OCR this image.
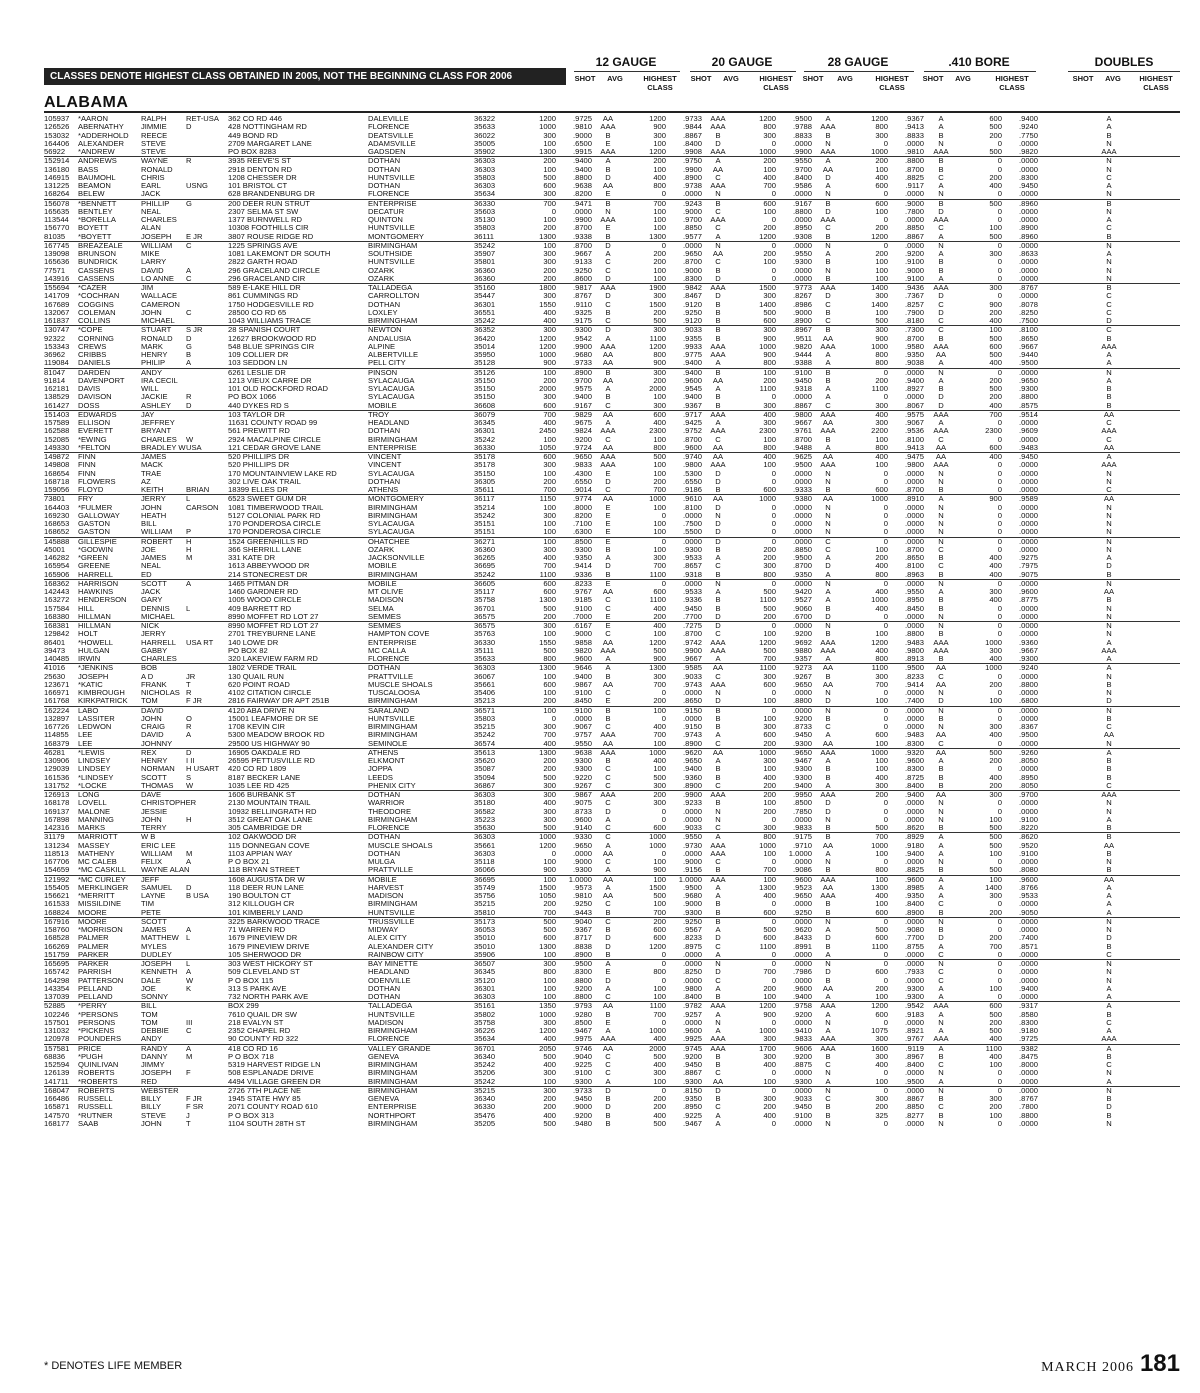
CLASSES DENOTE HIGHEST CLASS OBTAINED IN 2005, NOT THE BEGINNING CLASS FOR 2006
ALABAMA
12 GAUGE
SHOT	AVG	HIGHEST
CLASS
20 GAUGE
SHOT	AVG	HIGHEST
CLASS
28 GAUGE
SHOT	AVG	HIGHEST
CLASS
.410 BORE
SHOT	AVG	HIGHEST
CLASS
DOUBLES
SHOT	AVG	HIGHEST
CLASS
105937	*AARON	RALPH	RET-USA	362 CO RD 446	DALEVILLE	36322	1200	.9725	AA	1200	.9733	AAA	1200	.9500	A	1200	.9367	A	600	.9400	A
126526	ABERNATHY	JIMMIE	D	428 NOTTINGHAM RD	FLORENCE	35633	1000	.9810	AAA	900	.9844	AAA	800	.9788	AAA	800	.9413	A	500	.9240	A
153032	*ADDERHOLD	REECE		449 BOND RD	DEATSVILLE	36022	300	.9000	B	300	.8867	B	300	.8833	B	300	.8833	B	200	.7750	B
164406	ALEXANDER	STEVE		2709 MARGARET LANE	ADAMSVILLE	35005	100	.6500	E	100	.8400	D	0	.0000	N	0	.0000	N	0	.0000	N
56922	*ANDREW	STEVE		PO BOX 8283	GADSDEN	35902	1300	.9915	AAA	1200	.9908	AAA	1000	.9900	AAA	1000	.9810	AAA	500	.9820	AAA
152914	ANDREWS	WAYNE	R	3935 REEVE'S ST	DOTHAN	36303	200	.9400	A	200	.9750	A	200	.9550	A	200	.8800	B	0	.0000	N
136180	BASS	RONALD		2918 DENTON RD	DOTHAN	36303	100	.9400	B	100	.9900	AA	100	.9700	AA	100	.8700	B	0	.0000	N
146915	BAUMOHL	CHRIS		1208 CHESSER DR	HUNTSVILLE	35803	500	.8800	D	400	.8900	C	400	.8400	D	400	.8825	C	200	.8300	C
131225	BEAMON	EARL	USNG	101 BRISTOL CT	DOTHAN	36303	600	.9638	AA	800	.9738	AAA	700	.9586	A	600	.9117	A	400	.9450	A
168264	BELEW	JACK		628 BRANDENBURG DR	FLORENCE	35634	300	.8200	E	0	.0000	N	0	.0000	N	0	.0000	N	0	.0000	N
156078	*BENNETT	PHILLIP	G	200 DEER RUN STRUT	ENTERPRISE	36330	700	.9471	B	700	.9243	B	600	.9167	B	600	.9000	B	500	.8960	B
165635	BENTLEY	NEAL		2307 SELMA ST SW	DECATUR	35603	0	.0000	N	100	.9000	C	100	.8800	D	100	.7800	D	0	.0000	N
113544	*BORELLA	CHARLES		1377 BURNWELL RD	QUINTON	35130	100	.9900	AAA	100	.9700	AAA	0	.0000	AAA	0	.0000	AAA	0	.0000	A
156770	BOYETT	ALAN		10308 FOOTHILLS CIR	HUNTSVILLE	35803	200	.8700	E	100	.8850	C	200	.8950	C	200	.8850	C	100	.8900	C
81035	*BOYETT	JOSEPH	E JR	3807 ROUSE RIDGE RD	MONTGOMERY	36111	1300	.9338	B	1300	.9577	A	1200	.9308	B	1200	.8867	A	500	.8960	B
167745	BREAZEALE	WILLIAM	C	1225 SPRINGS AVE	BIRMINGHAM	35242	100	.8700	D	0	.0000	N	0	.0000	N	0	.0000	N	0	.0000	N
139098	BRUNSON	MIKE		1081 LAKEMONT DR SOUTH	SOUTHSIDE	35907	300	.9667	A	200	.9650	AA	200	.9550	A	200	.9200	A	300	.8633	A
165636	BUNDRICK	LARRY		2822 GARTH ROAD	HUNTSVILLE	35801	300	.9133	C	200	.8700	C	100	.9300	B	100	.9100	B	0	.0000	N
77571	CASSENS	DAVID	A	296 GRACELAND CIRCLE	OZARK	36360	200	.9250	C	100	.9000	B	0	.0000	N	100	.9000	B	0	.0000	N
143916	CASSENS	LO ANNE	C	296 GRACELAND CIR	OZARK	36360	200	.8600	D	100	.8300	D	0	.0000	B	100	.9100	A	0	.0000	N
155694	*CAZER	JIM		589 E-LAKE HILL DR	TALLADEGA	35160	1800	.9817	AAA	1900	.9842	AAA	1500	.9773	AAA	1400	.9436	AAA	300	.8767	B
141709	*COCHRAN	WALLACE		861 CUMMINGS RD	CARROLLTON	35447	300	.8767	D	300	.8467	D	300	.8267	D	300	.7367	D	0	.0000	C
167689	COGGINS	CAMERON		1750 HODGESVILLE RD	DOTHAN	36301	1550	.9110	C	1500	.9120	B	1400	.8986	C	1400	.8257	C	900	.8078	C
132067	COLEMAN	JOHN	C	28500 CO RD 65	LOXLEY	36551	400	.9325	B	200	.9250	B	500	.9000	B	100	.7900	D	200	.8250	C
161837	COLLINS	MICHAEL		1043 WILLIAMS TRACE	BIRMINGHAM	35242	400	.9175	C	500	.9120	B	600	.8900	C	500	.8180	C	400	.7500	D
130747	*COPE	STUART	S JR	28 SPANISH COURT	NEWTON	36352	300	.9300	D	300	.9033	B	300	.8967	B	300	.7300	C	100	.8100	C
92322	CORNING	RONALD	D	12627 BROOKWOOD RD	ANDALUSIA	36420	1200	.9542	A	1100	.9355	B	900	.9511	AA	900	.8700	B	500	.8650	B
153343	CREWS	MARK	G	548 BLUE SPRINGS CIR	ALPINE	35014	1200	.9900	AAA	1200	.9933	AAA	1000	.9820	AAA	1000	.9580	AAA	600	.9667	AAA
36962	CRIBBS	HENRY	B	109 COLLIER DR	ALBERTVILLE	35950	1000	.9680	AA	800	.9775	AAA	900	.9444	A	800	.9350	AA	500	.9440	A
119084	DANIELS	PHILIP	A	103 SEDDON LN	PELL CITY	35128	900	.9733	AA	900	.9400	A	800	.9388	A	800	.9038	A	400	.9500	A
81047	DARDEN	ANDY		6261 LESLIE DR	PINSON	35126	100	.8900	B	300	.9400	B	100	.9100	B	0	.0000	N	0	.0000	N
91814	DAVENPORT	IRA CECIL		1213 VIEUX CARRE DR	SYLACAUGA	35150	200	.9700	AA	200	.9600	AA	200	.9450	B	200	.9400	A	200	.9650	A
162181	DAVIS	WILL		101 OLD ROCKFORD ROAD	SYLACAUGA	35150	2000	.9575	A	2000	.9545	A	1100	.9318	A	1100	.8927	B	500	.9300	B
138529	DAVISON	JACKIE	R	PO BOX 1066	SYLACAUGA	35150	300	.9400	B	100	.9400	B	0	.0000	A	0	.0000	D	200	.8800	B
161427	DOSS	ASHLEY	D	440 DYKES RD S	MOBILE	36608	600	.9167	C	300	.9367	B	300	.8867	C	300	.8067	D	400	.8575	B
151403	EDWARDS	JAY		103 TAYLOR DR	TROY	36079	700	.9829	AA	600	.9717	AAA	400	.9800	AAA	400	.9575	AAA	700	.9514	AA
157589	ELLISON	JEFFREY		11631 COUNTY ROAD 99	HEADLAND	36345	400	.9675	A	400	.9425	A	300	.9667	AA	300	.9067	A	0	.0000	C
162588	EVERETT	BRYANT		561 PREWITT RD	DOTHAN	36301	2450	.9824	AAA	2300	.9752	AAA	2300	.9761	AAA	2200	.9536	AAA	2300	.9609	AAA
152085	*EWING	CHARLES	W	2924 MACALPINE CIRCLE	BIRMINGHAM	35242	100	.9200	C	100	.8700	C	100	.8700	B	100	.8100	C	0	.0000	C
149330	*FELTON	BRADLEY W	USA	121 CEDAR GROVE LANE	ENTERPRISE	36330	1050	.9724	AA	800	.9600	AA	800	.9488	A	800	.9413	AA	600	.9483	AA
149872	FINN	JAMES		520 PHILLIPS DR	VINCENT	35178	600	.9650	AAA	500	.9740	AA	400	.9625	AA	400	.9475	AA	400	.9450	A
149808	FINN	MACK		520 PHILLIPS DR	VINCENT	35178	300	.9833	AAA	100	.9800	AAA	100	.9500	AAA	100	.9800	AAA	0	.0000	AAA
168654	FINN	TRAE		170 MOUNTAINVIEW LAKE RD	SYLACAUGA	35150	100	.4300	E	100	.5300	D	0	.0000	N	0	.0000	N	0	.0000	N
168718	FLOWERS	AZ		302 LIVE OAK TRAIL	DOTHAN	36305	200	.6550	D	200	.6550	D	0	.0000	N	0	.0000	N	0	.0000	N
159056	FLOYD	KEITH	BRIAN	18399 ELLES DR	ATHENS	35611	700	.9014	C	700	.9186	B	600	.9333	B	600	.8700	B	0	.0000	C
73801	FRY	JERRY	L	6523 SWEET GUM DR	MONTGOMERY	36117	1150	.9774	AA	1000	.9610	AA	1000	.9380	AA	1000	.8910	A	900	.9589	AA
164403	*FULMER	JOHN	CARSON	1081 TIMBERWOOD TRAIL	BIRMINGHAM	35214	100	.8000	E	100	.8100	D	0	.0000	N	0	.0000	N	0	.0000	N
169230	GALLOWAY	HEATH		5127 COLONIAL PARK RD	BIRMINGHAM	35242	300	.8200	E	0	.0000	N	0	.0000	N	0	.0000	N	0	.0000	N
168653	GASTON	BILL		170 PONDEROSA CIRCLE	SYLACAUGA	35151	100	.7100	E	100	.7500	D	0	.0000	N	0	.0000	N	0	.0000	N
168652	GASTON	WILLIAM	P	170 PONDEROSA CIRCLE	SYLACAUGA	35151	100	.6300	E	100	.5500	D	0	.0000	N	0	.0000	N	0	.0000	N
145888	GILLESPIE	ROBERT	H	1524 GREENHILLS RD	OHATCHEE	36271	100	.8500	E	0	.0000	D	0	.0000	C	0	.0000	N	0	.0000	N
45001	*GODWIN	JOE	H	366 SHERRILL LANE	OZARK	36360	300	.9300	B	100	.9300	B	200	.8850	C	100	.8700	C	0	.0000	N
146282	*GREEN	JAMES	M	331 KATE DR	JACKSONVILLE	36265	400	.9350	A	300	.9533	A	200	.9500	A	200	.8650	B	400	.9275	A
165954	GREENE	NEAL		1613 ABBEYWOOD DR	MOBILE	36695	700	.9414	D	700	.8657	C	300	.8700	D	400	.8100	C	400	.7975	D
165906	HARRELL	ED		214 STONECREST DR	BIRMINGHAM	35242	1100	.9336	B	1100	.9318	B	800	.9350	A	800	.8963	B	400	.9075	B
168362	HARRISON	SCOTT	A	1465 PITMAN DR	MOBILE	36605	600	.8233	E	0	.0000	N	0	.0000	N	0	.0000	N	0	.0000	N
142443	HAWKINS	JACK		1460 GARDNER RD	MT OLIVE	35117	600	.9767	AA	600	.9533	A	500	.9420	A	400	.9550	A	300	.9600	AA
163272	HENDERSON	GARY		1005 WOOD CIRCLE	MADISON	35758	1300	.9185	C	1100	.9336	B	1100	.9527	A	1000	.8950	B	400	.8775	B
157584	HILL	DENNIS	L	409 BARRETT RD	SELMA	36701	500	.9100	C	400	.9450	B	500	.9060	B	400	.8450	B	0	.0000	N
168380	HILLMAN	MICHAEL		8990 MOFFET RD LOT 27	SEMMES	36575	200	.7000	E	200	.7700	D	200	.6700	D	0	.0000	N	0	.0000	N
168381	HILLMAN	NICK		8990 MOFFET RD LOT 27	SEMMES	36575	300	.6167	E	400	.7275	D	0	.0000	N	0	.0000	N	0	.0000	N
129842	HOLT	JERRY		2701 TREYBURNE LANE	HAMPTON COVE	35763	100	.9000	C	100	.8700	C	100	.9200	B	100	.8800	B	0	.0000	N
86401	*HOWELL	HARRELL	USA RT	140 LOWE DR	ENTERPRISE	36330	1550	.9858	AA	1200	.9742	AAA	1200	.9692	AAA	1200	.9483	AAA	1000	.9360	A
39473	HULGAN	GABBY		PO BOX 82	MC CALLA	35111	500	.9820	AAA	500	.9900	AAA	500	.9880	AAA	400	.9800	AAA	300	.9667	AAA
140485	IRWIN	CHARLES		320 LAKEVIEW FARM RD	FLORENCE	35633	800	.9600	A	900	.9667	A	700	.9357	A	800	.8913	B	400	.9300	A
41016	*JENKINS	BOB		1802 VERDE TRAIL	DOTHAN	36303	1300	.9646	A	1300	.9585	AA	1100	.9273	AA	1100	.9500	AA	1000	.9240	A
25630	JOSEPH	A D	JR	130 QUAIL RUN	PRATTVILLE	36067	100	.9400	B	300	.9033	C	300	.9267	B	300	.8233	C	0	.0000	N
123671	*KATIC	FRANK	T	620 POINT ROAD	MUSCLE SHOALS	35661	600	.9867	AA	700	.9743	AAA	600	.9650	AA	700	.9414	AA	200	.8800	B
166971	KIMBROUGH	NICHOLAS	R	4102 CITATION CIRCLE	TUSCALOOSA	35406	100	.9100	C	0	.0000	N	0	.0000	N	0	.0000	N	0	.0000	N
161768	KIRKPATRICK	TOM	F JR	2816 FAIRWAY DR APT 251B	BIRMINGHAM	35213	200	.8450	E	200	.8650	D	100	.8800	D	100	.7400	D	100	.6800	D
162224	LABO	DAVID		4120 ABA DRIVE N	SARALAND	36571	100	.9100	B	100	.9150	B	0	.0000	N	0	.0000	N	0	.0000	N
132897	LASSITER	JOHN	O	15001 LEAFMORE DR SE	HUNTSVILLE	35803	0	.0000	B	0	.0000	B	100	.9200	B	0	.0000	B	0	.0000	B
167726	LEDWON	CRAIG	R	1708 KEVIN CIR	BIRMINGHAM	35215	300	.9067	C	400	.9150	B	300	.8733	C	0	.0000	N	300	.8367	C
114855	LEE	DAVID	A	5300 MEADOW BROOK RD	BIRMINGHAM	35242	700	.9757	AAA	700	.9743	A	600	.9450	A	600	.9483	AA	400	.9500	AA
168379	LEE	JOHNNY		29500 US HIGHWAY 90	SEMINOLE	36574	400	.9550	AA	100	.8900	C	200	.9300	AA	100	.8300	C	0	.0000	N
46281	*LEWIS	REX	D	16905 OAKDALE RD	ATHENS	35613	1300	.9638	AAA	1000	.9620	AA	1000	.9650	AAA	1000	.9320	AA	500	.9260	A
130906	LINDSEY	HENRY	I II	26595 PETTUSVILLE RD	ELKMONT	35620	200	.9300	B	400	.9650	A	300	.9467	A	100	.9600	A	200	.8050	B
129039	LINDSEY	NORMAN	H USART	420 CO RD 1809	JOPPA	35087	200	.9300	C	100	.9400	B	100	.9300	B	100	.8300	B	0	.0000	B
161536	*LINDSEY	SCOTT	S	8187 BECKER LANE	LEEDS	35094	500	.9220	C	500	.9360	B	400	.9300	B	400	.8725	B	400	.8950	B
131752	*LOCKE	THOMAS	W	1035 LEE RD 425	PHENIX CITY	36867	300	.9267	C	300	.8900	C	200	.9400	A	300	.8400	B	200	.8050	C
126913	LONG	DAVE		1606 BURBANK ST	DOTHAN	36303	300	.9867	AAA	200	.9900	AAA	200	.9950	AAA	200	.9400	AA	300	.9700	AAA
168178	LOVELL	CHRISTOPHER		2130 MOUNTAIN TRAIL	WARRIOR	35180	400	.9075	C	300	.9233	B	100	.8500	D	0	.0000	N	0	.0000	N
169137	MALONE	JESSIE		10932 BELLINGRATH RD	THEODORE	36582	300	.8733	D	0	.0000	N	200	.7850	D	0	.0000	N	0	.0000	N
167898	MANNING	JOHN	H	3512 GREAT OAK LANE	BIRMINGHAM	35223	300	.9600	A	0	.0000	N	0	.0000	N	0	.0000	N	100	.9100	A
142316	MARKS	TERRY		305 CAMBRIDGE DR	FLORENCE	35630	500	.9140	C	600	.9033	C	300	.9833	B	500	.8620	B	500	.8220	B
31179	MARRIOTT	W B		102 OAKWOOD DR	DOTHAN	36303	1000	.9330	C	1000	.9550	A	800	.9175	B	700	.8929	A	500	.8620	B
131234	MASSEY	ERIC LEE		115 DONNEGAN COVE	MUSCLE SHOALS	35661	1200	.9650	A	1000	.9730	AAA	1000	.9710	AA	1000	.9180	A	500	.9520	AA
118513	MATHENY	WILLIAM	M	1103 APPIAN WAY	DOTHAN	36303	0	.0000	AA	0	.0000	AAA	100	1.0000	A	100	.9400	A	100	.9100	B
167706	MC CALEB	FELIX	A	P O BOX 21	MULGA	35118	100	.9000	C	100	.9000	C	0	.0000	N	0	.0000	N	0	.0000	N
154659	*MC CASKILL	WAYNE ALAN		118 BRYAN STREET	PRATTVILLE	36066	900	.9300	A	900	.9156	B	700	.9086	B	800	.8825	B	500	.8080	B
121992	*MC CURLEY	JEFF		1608 AUGUSTA DR W	MOBILE	36695	100	1.0000	AA	100	1.0000	AAA	100	.9600	AAA	100	.9600	A	100	.9600	AA
155405	MERKLINGER	SAMUEL	D	118 DEER RUN LANE	HARVEST	35749	1500	.9573	A	1500	.9500	A	1300	.9523	AA	1300	.8985	A	1400	.8766	A
156621	*MERRITT	LAYNE	B USA	190 BOULTON CT	MADISON	35756	1050	.9810	AA	500	.9680	A	400	.9650	AAA	400	.9350	A	300	.9533	A
161533	MISSILDINE	TIM		312 KILLOUGH CR	BIRMINGHAM	35215	200	.9250	C	100	.9000	B	0	.0000	B	100	.8400	C	0	.0000	A
168824	MOORE	PETE		101 KIMBERLY LAND	HUNTSVILLE	35810	700	.9443	B	700	.9300	B	600	.9250	B	600	.8900	B	200	.9050	A
167916	MOORE	SCOTT		3225 BARKWOOD TRACE	TRUSSVILLE	35173	500	.9040	C	200	.9250	B	0	.0000	N	0	.0000	N	0	.0000	N
158760	*MORRISON	JAMES	A	71 WARREN RD	MIDWAY	36053	500	.9367	B	600	.9567	A	500	.9620	A	500	.9080	B	0	.0000	N
168528	PALMER	MATTHEW	L	1679 PINEVIEW DR	ALEX CITY	35010	600	.8717	D	600	.8233	D	600	.8433	D	600	.7700	D	200	.7400	D
166269	PALMER	MYLES		1679 PINEVIEW DRIVE	ALEXANDER CITY	35010	1300	.8838	D	1200	.8975	C	1100	.8991	B	1100	.8755	A	700	.8571	B
151759	PARKER	DUDLEY		105 SHERWOOD DR	RAINBOW CITY	35906	100	.8900	B	0	.0000	A	0	.0000	A	0	.0000	C	0	.0000	C
165695	PARKER	JOSEPH	L	303 WEST HICKORY ST	BAY MINETTE	36507	300	.9500	A	0	.0000	N	0	.0000	N	0	.0000	N	0	.0000	N
165742	PARRISH	KENNETH	A	509 CLEVELAND ST	HEADLAND	36345	800	.8300	E	800	.8250	D	700	.7986	D	600	.7933	C	0	.0000	N
164298	PATTERSON	DALE	W	P O BOX 115	ODENVILLE	35120	100	.8800	D	0	.0000	C	0	.0000	B	0	.0000	C	0	.0000	N
143354	PELLAND	JOE	K	313 S PARK AVE	DOTHAN	36301	100	.9200	A	100	.9800	A	200	.9600	AA	200	.9300	A	100	.9400	A
137039	PELLAND	SONNY		732 NORTH PARK AVE	DOTHAN	36303	100	.8800	C	100	.8400	B	100	.9400	A	100	.9300	A	0	.0000	A
52885	*PERRY	BILL		BOX 299	TALLADEGA	35161	1350	.9793	AA	1100	.9782	AAA	1200	.9758	AAA	1200	.9542	AAA	600	.9317	A
102246	*PERSONS	TOM		7610 QUAIL DR SW	HUNTSVILLE	35802	1000	.9280	B	700	.9257	A	900	.9200	A	600	.9183	A	500	.8580	B
157501	PERSONS	TOM	III	218 EVALYN ST	MADISON	35758	300	.8500	E	0	.0000	N	0	.0000	N	0	.0000	N	200	.8300	C
131032	*PICKENS	DEBBIE	C	2352 CHAPEL RD	BIRMINGHAM	36226	1200	.9467	A	1000	.9600	A	1000	.9410	A	1075	.8921	A	500	.9180	A
120978	POUNDERS	ANDY		90 COUNTY RD 322	FLORENCE	35634	400	.9975	AAA	400	.9925	AAA	300	.9833	AAA	300	.9767	AAA	400	.9725	AAA
157581	PRICE	RANDY	A	418 CO RD 16	VALLEY GRANDE	36701	2050	.9746	AA	2000	.9745	AAA	1700	.9606	AAA	1600	.9119	A	1100	.9382	A
68836	*PUGH	DANNY	M	P O BOX 718	GENEVA	36340	500	.9040	C	500	.9200	B	300	.9200	B	300	.8967	B	400	.8475	B
152594	QUINLIVAN	JIMMY		5319 HARVEST RIDGE LN	BIRMINGHAM	35242	400	.9225	C	400	.9450	B	400	.8875	C	400	.8400	C	100	.8000	C
126139	ROBERTS	JOSEPH	F	508 ESPLANADE DRIVE	BIRMINGHAM	35206	300	.9100	C	300	.8867	C	0	.0000	N	0	.0000	N	0	.0000	N
141711	*ROBERTS	RED		4494 VILLAGE GREEN DR	BIRMINGHAM	35242	100	.9300	A	100	.9300	AA	100	.9300	A	100	.9500	A	0	.0000	A
168047	ROBERTS	WEBSTER		2726 7TH PLACE NE	BIRMINGHAM	35215	300	.9733	D	0	.8150	D	0	.0000	N	0	.0000	N	0	.0000	N
166486	RUSSELL	BILLY	F JR	1945 STATE HWY 85	GENEVA	36340	200	.9450	B	200	.9350	B	300	.9033	C	300	.8867	B	300	.8767	B
165871	RUSSELL	BILLY	F SR	2071 COUNTY ROAD 610	ENTERPRISE	36330	200	.9000	D	200	.8950	C	200	.9450	B	200	.8850	C	200	.7800	D
147570	*RUTNER	STEVE	J	P O BOX 313	NORTHPORT	35476	400	.9200	B	400	.9225	A	400	.9100	B	325	.8277	B	100	.8800	B
168177	SAAB	JOHN	T	1104 SOUTH 28TH ST	BIRMINGHAM	35205	500	.9480	B	500	.9467	A	0	.0000	N	0	.0000	N	0	.0000	N
* DENOTES LIFE MEMBER	MARCH 2006 181
